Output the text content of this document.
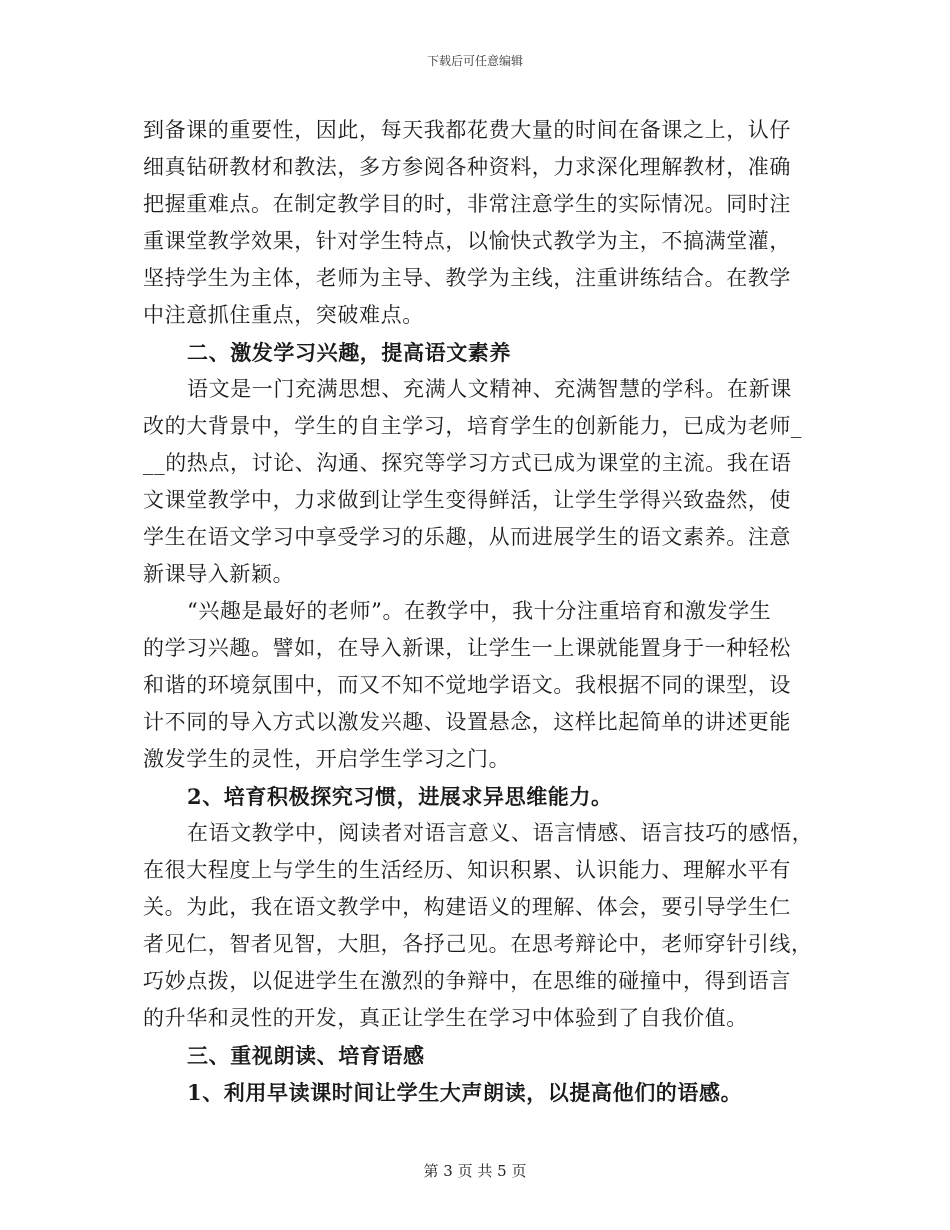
下载后可任意编辑
到备课的重要性，因此，每天我都花费大量的时间在备课之上，认仔
细真钻研教材和教法，多方参阅各种资料，力求深化理解教材，准确
把握重难点。在制定教学目的时，非常注意学生的实际情况。同时注
重课堂教学效果，针对学生特点，以愉快式教学为主，不搞满堂灌，
坚持学生为主体，老师为主导、教学为主线，注重讲练结合。在教学
中注意抓住重点，突破难点。
二、激发学习兴趣，提高语文素养
语文是一门充满思想、充满人文精神、充满智慧的学科。在新课
改的大背景中，学生的自主学习，培育学生的创新能力，已成为老师_
__的热点，讨论、沟通、探究等学习方式已成为课堂的主流。我在语
文课堂教学中，力求做到让学生变得鲜活，让学生学得兴致盎然，使
学生在语文学习中享受学习的乐趣，从而进展学生的语文素养。注意
新课导入新颖。
“兴趣是最好的老师”。在教学中，我十分注重培育和激发学生
的学习兴趣。譬如，在导入新课，让学生一上课就能置身于一种轻松
和谐的环境氛围中，而又不知不觉地学语文。我根据不同的课型，设
计不同的导入方式以激发兴趣、设置悬念，这样比起简单的讲述更能
激发学生的灵性，开启学生学习之门。
2、培育积极探究习惯，进展求异思维能力。
在语文教学中，阅读者对语言意义、语言情感、语言技巧的感悟，
在很大程度上与学生的生活经历、知识积累、认识能力、理解水平有
关。为此，我在语文教学中，构建语义的理解、体会，要引导学生仁
者见仁，智者见智，大胆，各抒己见。在思考辩论中，老师穿针引线，
巧妙点拨，以促进学生在激烈的争辩中，在思维的碰撞中，得到语言
的升华和灵性的开发，真正让学生在学习中体验到了自我价值。
三、重视朗读、培育语感
1、利用早读课时间让学生大声朗读，以提高他们的语感。
第 3 页 共 5 页
